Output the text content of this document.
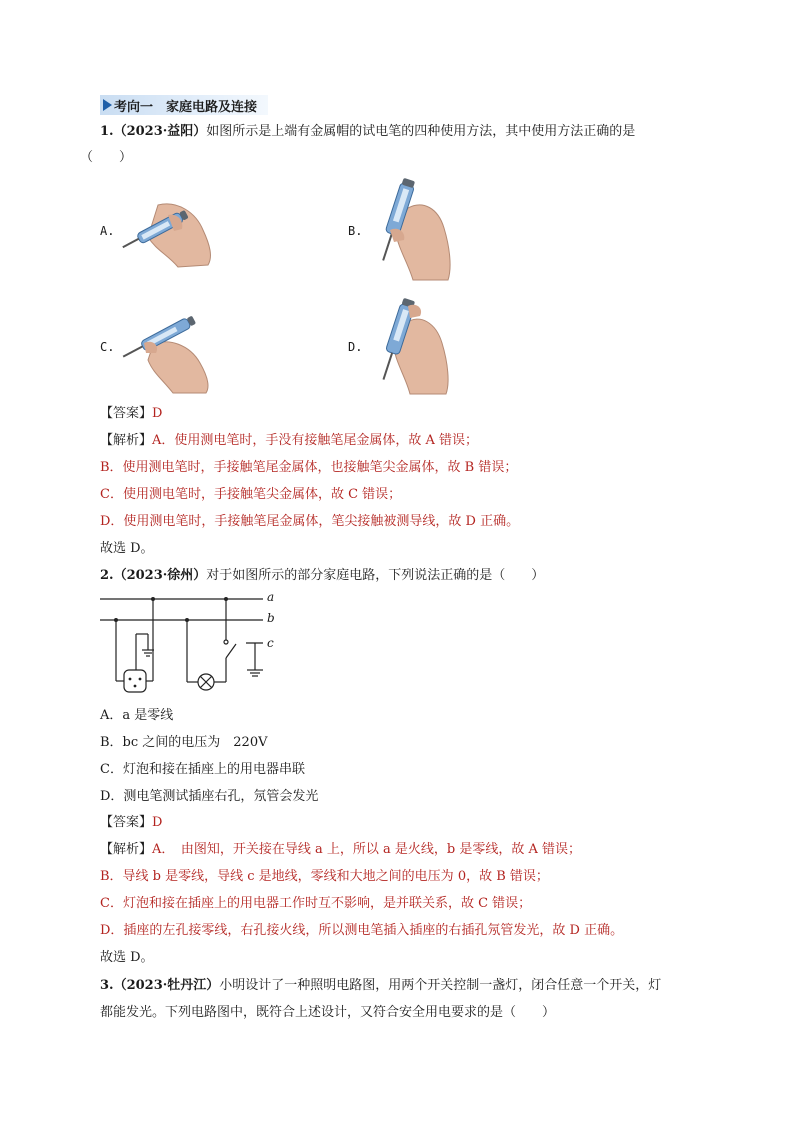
考向一　家庭电路及连接
1.（2023·益阳）如图所示是上端有金属帽的试电笔的四种使用方法，其中使用方法正确的是
（　　）
A.	B.
C.	D.
【答案】D
【解析】A．使用测电笔时，手没有接触笔尾金属体，故 A 错误；
B．使用测电笔时，手接触笔尾金属体，也接触笔尖金属体，故 B 错误；
C．使用测电笔时，手接触笔尖金属体，故 C 错误；
D．使用测电笔时，手接触笔尾金属体，笔尖接触被测导线，故 D 正确。
故选 D。
2.（2023·徐州）对于如图所示的部分家庭电路，下列说法正确的是（　　）
a
b
c
A．a 是零线
B．bc 之间的电压为　220V
C．灯泡和接在插座上的用电器串联
D．测电笔测试插座右孔，氖管会发光
【答案】D
【解析】A．　由图知，开关接在导线 a 上，所以 a 是火线，b 是零线，故 A 错误；
B．导线 b 是零线，导线 c 是地线，零线和大地之间的电压为 0，故 B 错误；
C．灯泡和接在插座上的用电器工作时互不影响，是并联关系，故 C 错误；
D．插座的左孔接零线，右孔接火线，所以测电笔插入插座的右插孔氖管发光，故 D 正确。
故选 D。
3.（2023·牡丹江）小明设计了一种照明电路图，用两个开关控制一盏灯，闭合任意一个开关，灯
都能发光。下列电路图中，既符合上述设计，又符合安全用电要求的是（　　）
